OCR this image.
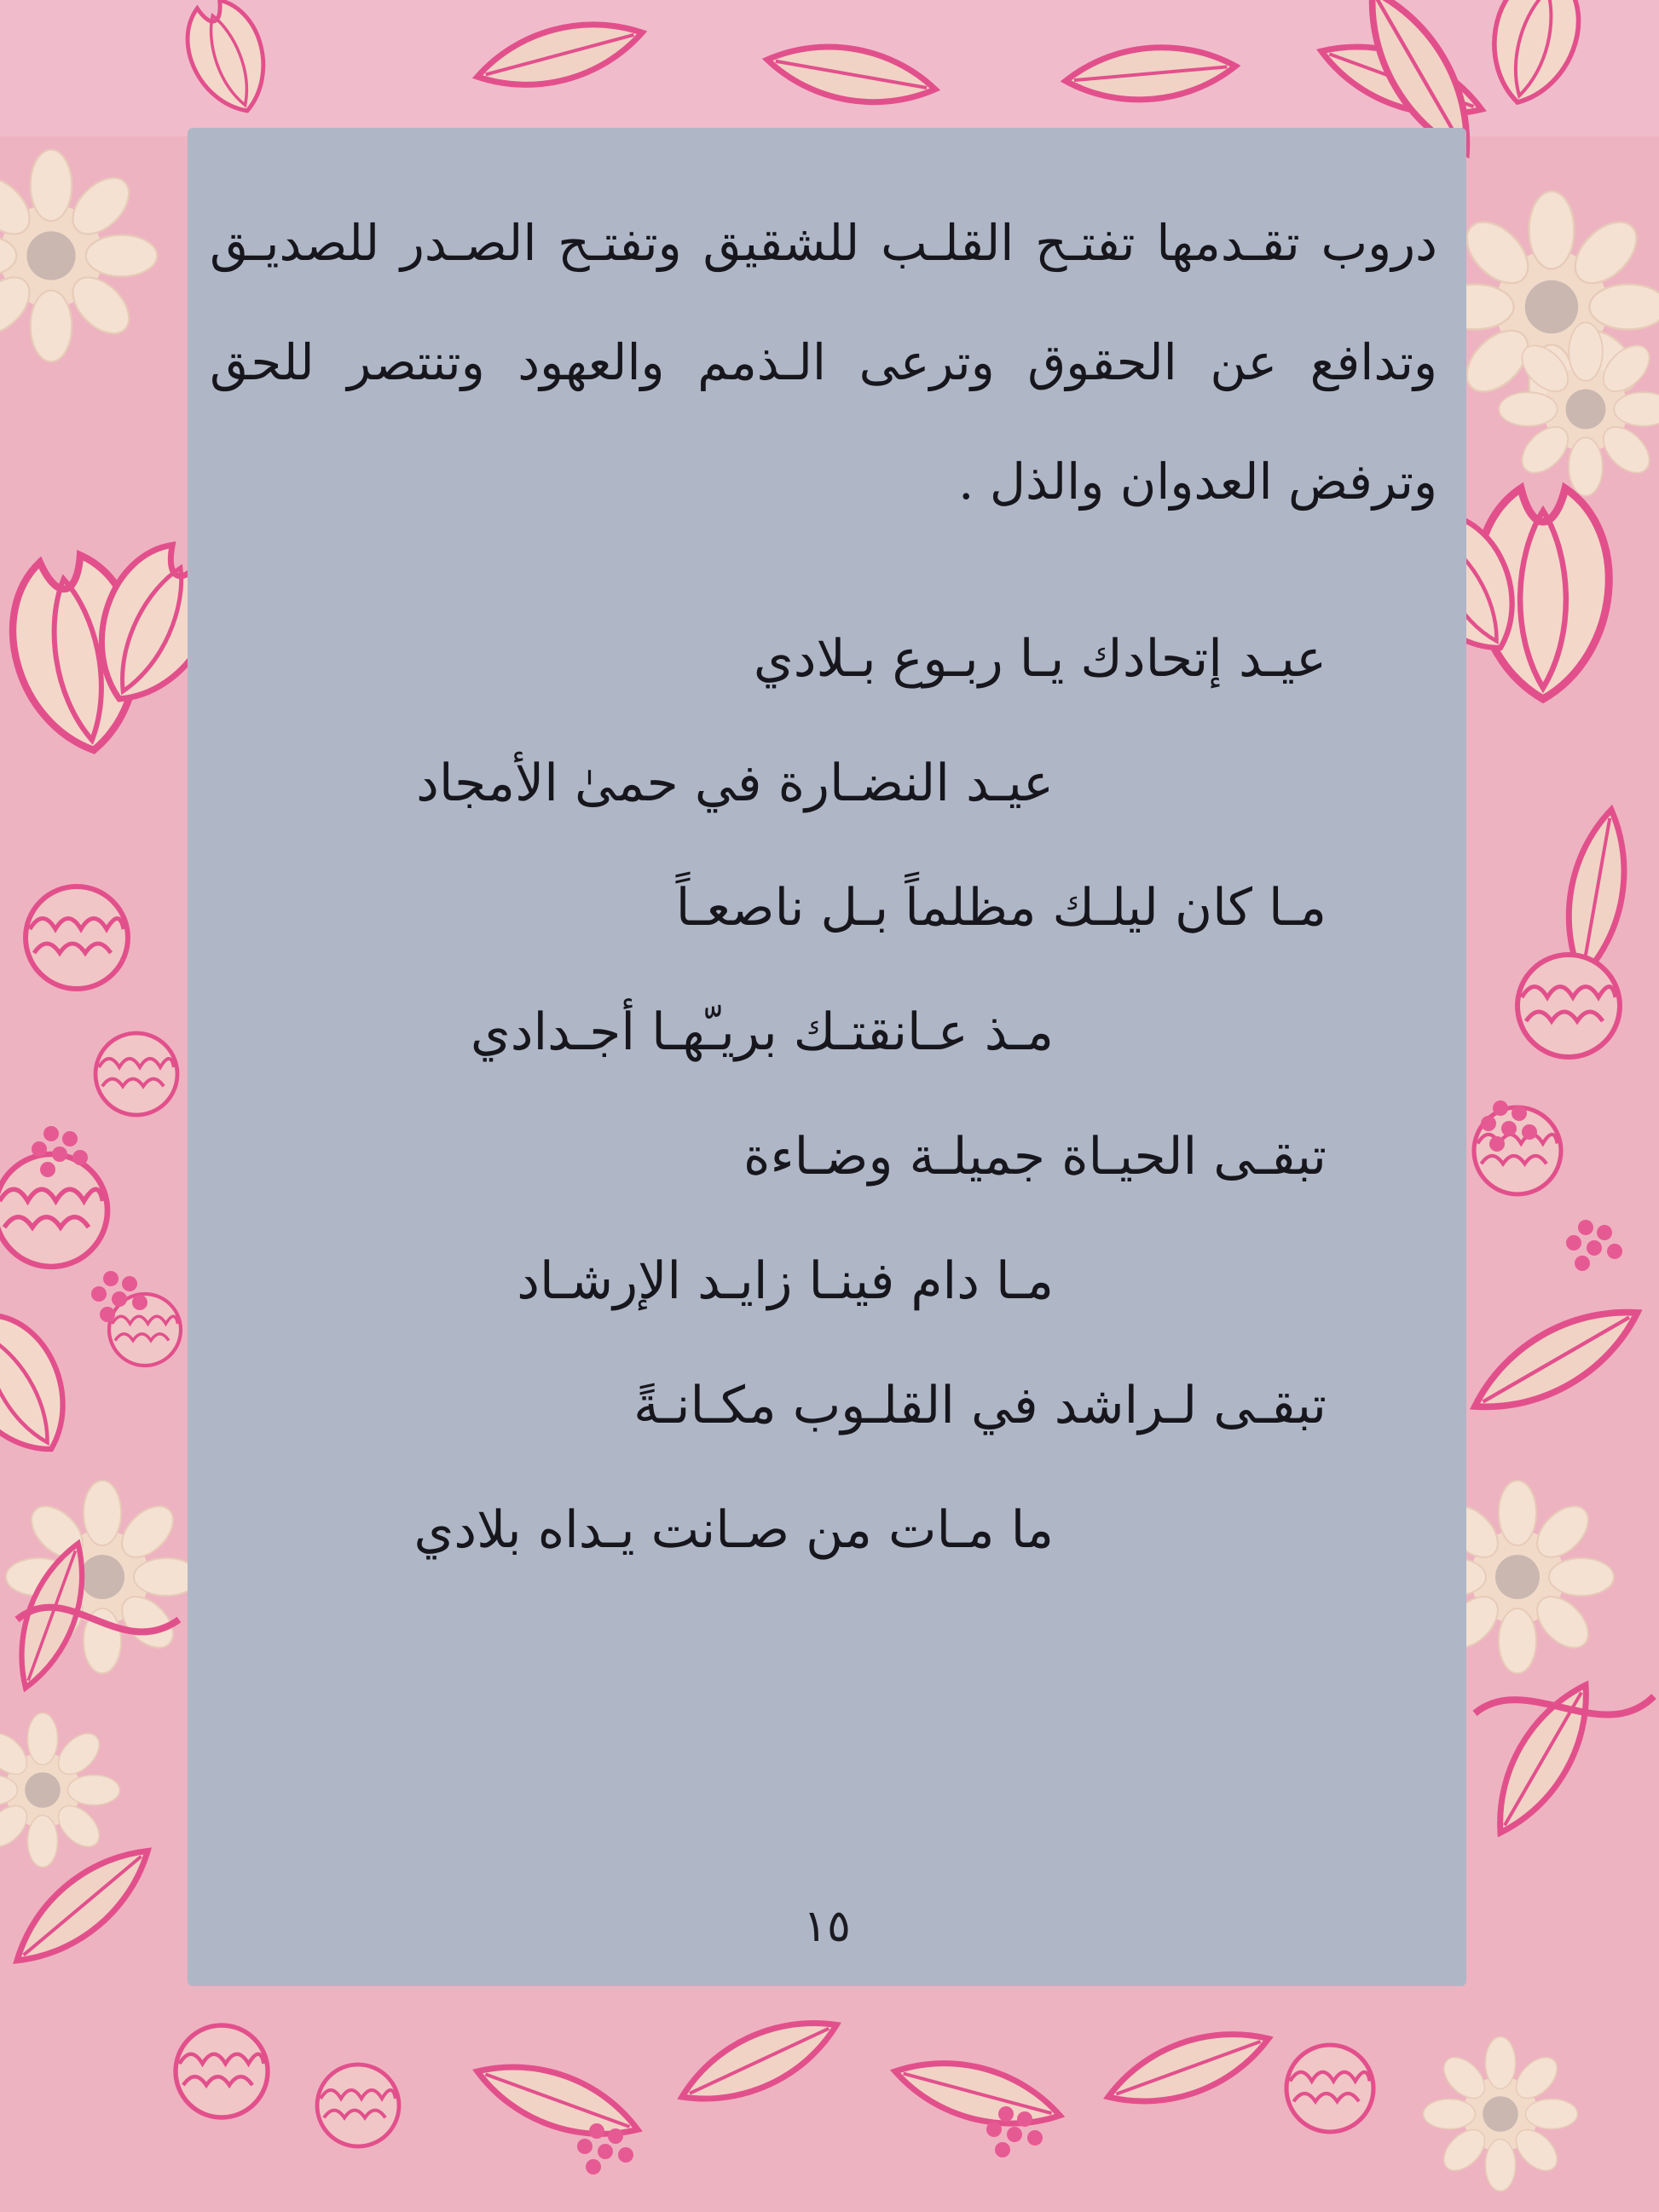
دروب تقـدمها تفتـح القلـب للشقيق وتفتـح الصـدر للصديـق وتدافع عن الحقوق وترعى الـذمم والعهود وتنتصر للحق وترفض العدوان والذل .

عيـد إتحادك يـا ربـوع بـلادي
عيـد النضـارة في حمىٰ الأمجاد
مـا كان ليلـك مظلماً بـل ناصعـاً
مـذ عـانقتـك بريـّهـا أجـدادي
تبقـى الحيـاة جميلـة وضـاءة
مـا دام فينـا زايـد الإرشـاد
تبقـى لـراشد في القلـوب مكـانـةً
ما مـات من صـانت يـداه بلادي
١٥
